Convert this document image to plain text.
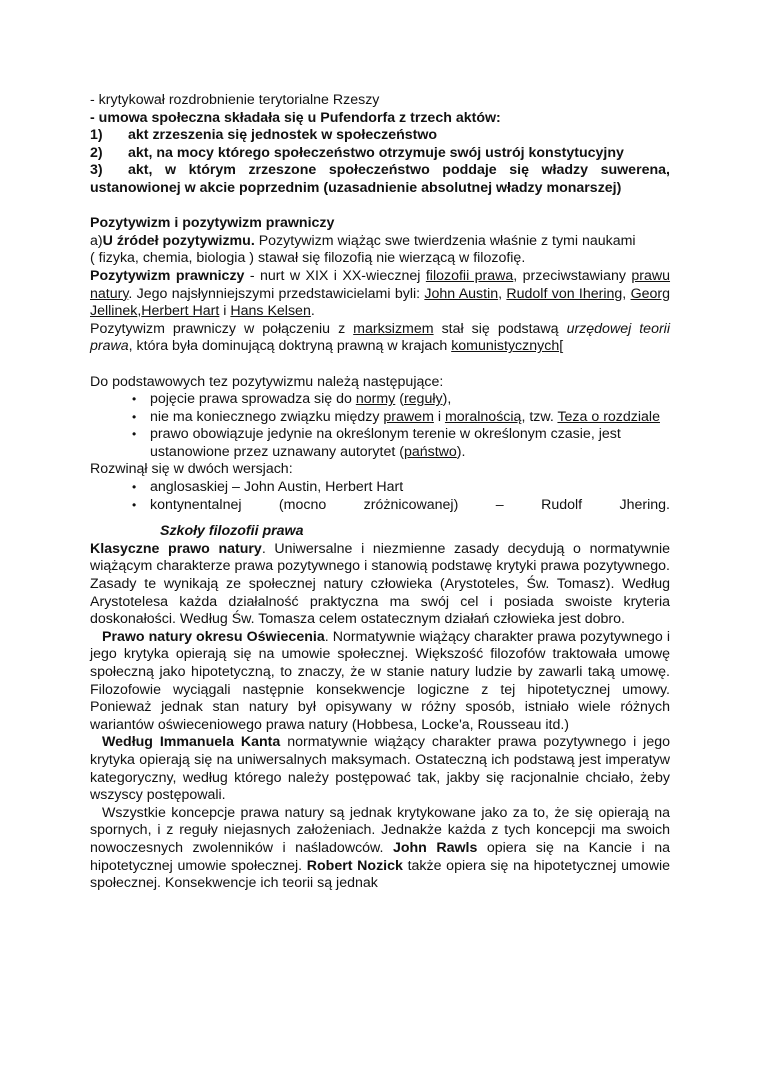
- krytykował rozdrobnienie terytorialne Rzeszy

- umowa społeczna składała się u Pufendorfa z trzech aktów:

1)	akt zrzeszenia się jednostek w społeczeństwo
2)	akt, na mocy którego społeczeństwo otrzymuje swój ustrój konstytucyjny

3) akt, w którym zrzeszone społeczeństwo poddaje się władzy suwerena, ustanowionej w akcie poprzednim (uzasadnienie absolutnej władzy monarszej)

Pozytywizm i pozytywizm prawniczy

a)U źródeł pozytywizmu. Pozytywizm wiążąc swe twierdzenia właśnie z tymi naukami

( fizyka, chemia, biologia ) stawał się filozofią nie wierzącą w filozofię.

Pozytywizm prawniczy - nurt w XIX i XX-wiecznej filozofii prawa, przeciwstawiany prawu natury. Jego najsłynniejszymi przedstawicielami byli: John Austin, Rudolf von Ihering, Georg Jellinek,Herbert Hart i Hans Kelsen.

Pozytywizm prawniczy w połączeniu z marksizmem stał się podstawą urzędowej teorii prawa, która była dominującą doktryną prawną w krajach komunistycznych[

Do podstawowych tez pozytywizmu należą następujące:

• pojęcie prawa sprowadza się do normy (reguły),
• nie ma koniecznego związku między prawem i moralnością, tzw. Teza o rozdziale
• prawo obowiązuje jedynie na określonym terenie w określonym czasie, jest ustanowione przez uznawany autorytet (państwo).

Rozwinął się w dwóch wersjach:

• anglosaskiej – John Austin, Herbert Hart
• kontynentalnej (mocno zróżnicowanej) – Rudolf Jhering.

Szkoły filozofii prawa

Klasyczne prawo natury. Uniwersalne i niezmienne zasady decydują o normatywnie wiążącym charakterze prawa pozytywnego i stanowią podstawę krytyki prawa pozytywnego. Zasady te wynikają ze społecznej natury człowieka (Arystoteles, Św. Tomasz). Według Arystotelesa każda działalność praktyczna ma swój cel i posiada swoiste kryteria doskonałości. Według Św. Tomasza celem ostatecznym działań człowieka jest dobro.

Prawo natury okresu Oświecenia. Normatywnie wiążący charakter prawa pozytywnego i jego krytyka opierają się na umowie społecznej. Większość filozofów traktowała umowę społeczną jako hipotetyczną, to znaczy, że w stanie natury ludzie by zawarli taką umowę. Filozofowie wyciągali następnie konsekwencje logiczne z tej hipotetycznej umowy. Ponieważ jednak stan natury był opisywany w różny sposób, istniało wiele różnych wariantów oświeceniowego prawa natury (Hobbesa, Locke'a, Rousseau itd.)

Według Immanuela Kanta normatywnie wiążący charakter prawa pozytywnego i jego krytyka opierają się na uniwersalnych maksymach. Ostateczną ich podstawą jest imperatyw kategoryczny, według którego należy postępować tak, jakby się racjonalnie chciało, żeby wszyscy postępowali.

Wszystkie koncepcje prawa natury są jednak krytykowane jako za to, że się opierają na spornych, i z reguły niejasnych założeniach. Jednakże każda z tych koncepcji ma swoich nowoczesnych zwolenników i naśladowców. John Rawls opiera się na Kancie i na hipotetycznej umowie społecznej. Robert Nozick także opiera się na hipotetycznej umowie społecznej. Konsekwencje ich teorii są jednak
